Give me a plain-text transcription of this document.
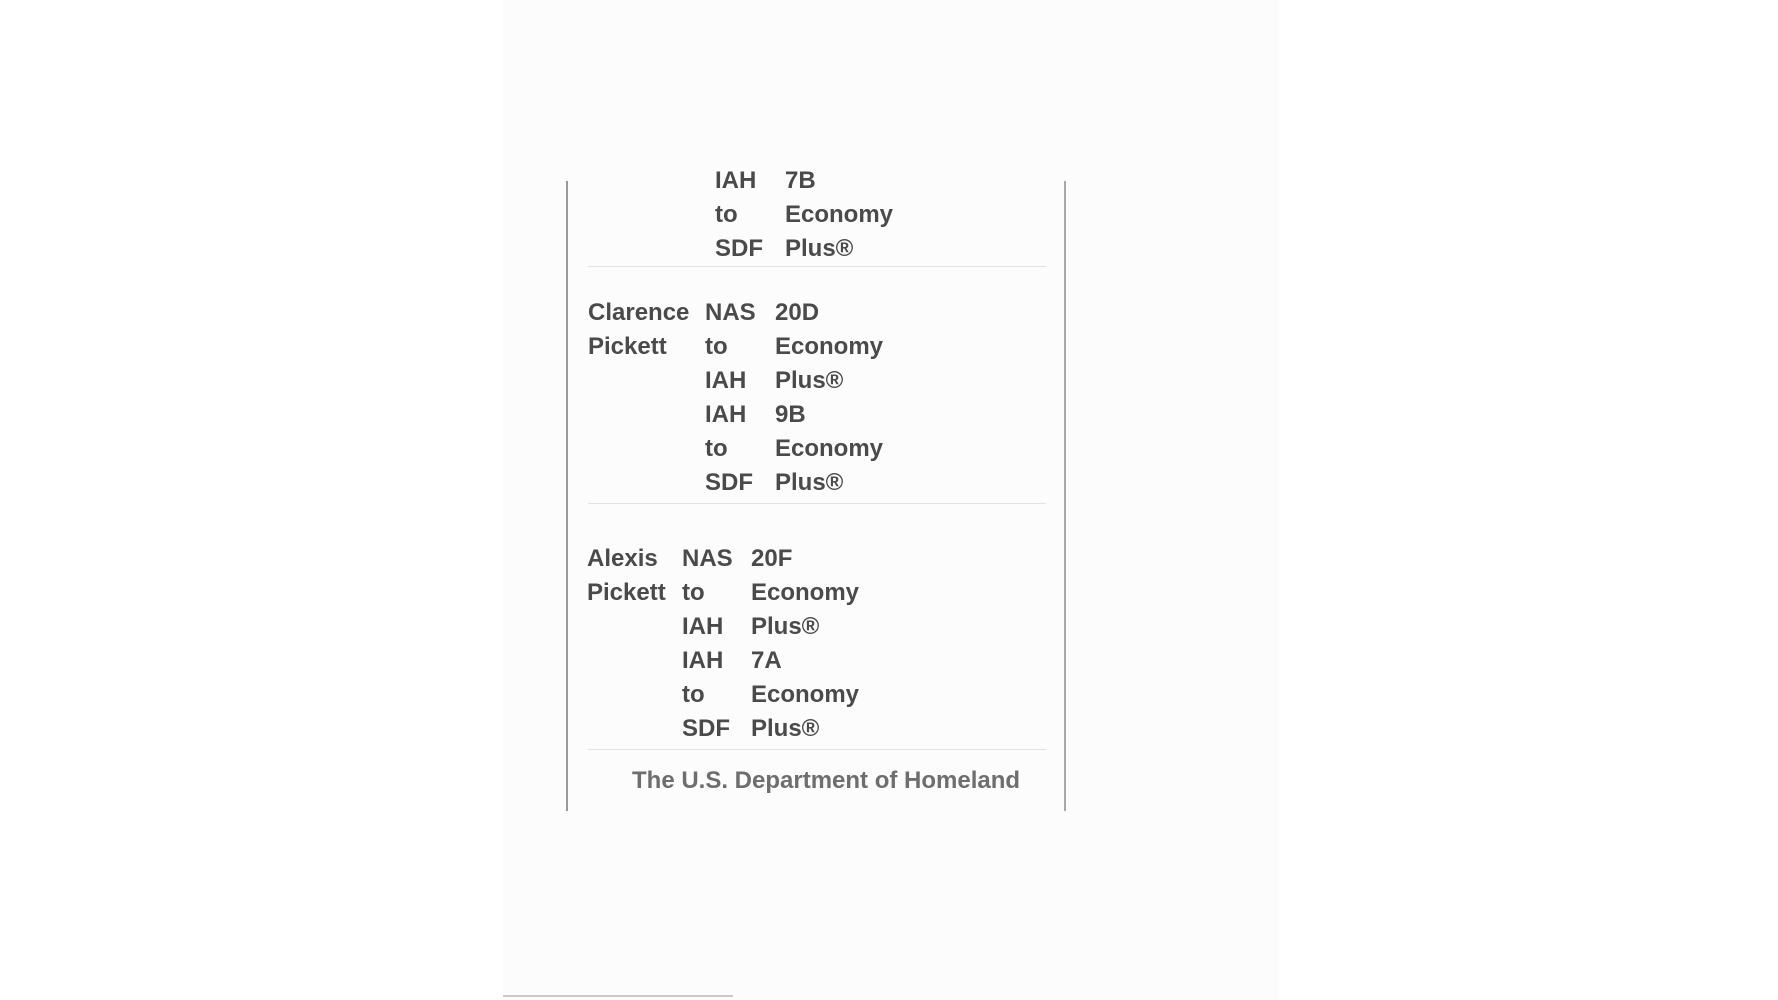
IAH
to
SDF
7B
Economy
Plus®
Clarence
Pickett
NAS
to
IAH
IAH
to
SDF
20D
Economy
Plus®
9B
Economy
Plus®
Alexis
Pickett
NAS
to
IAH
IAH
to
SDF
20F
Economy
Plus®
7A
Economy
Plus®
The U.S. Department of Homeland
